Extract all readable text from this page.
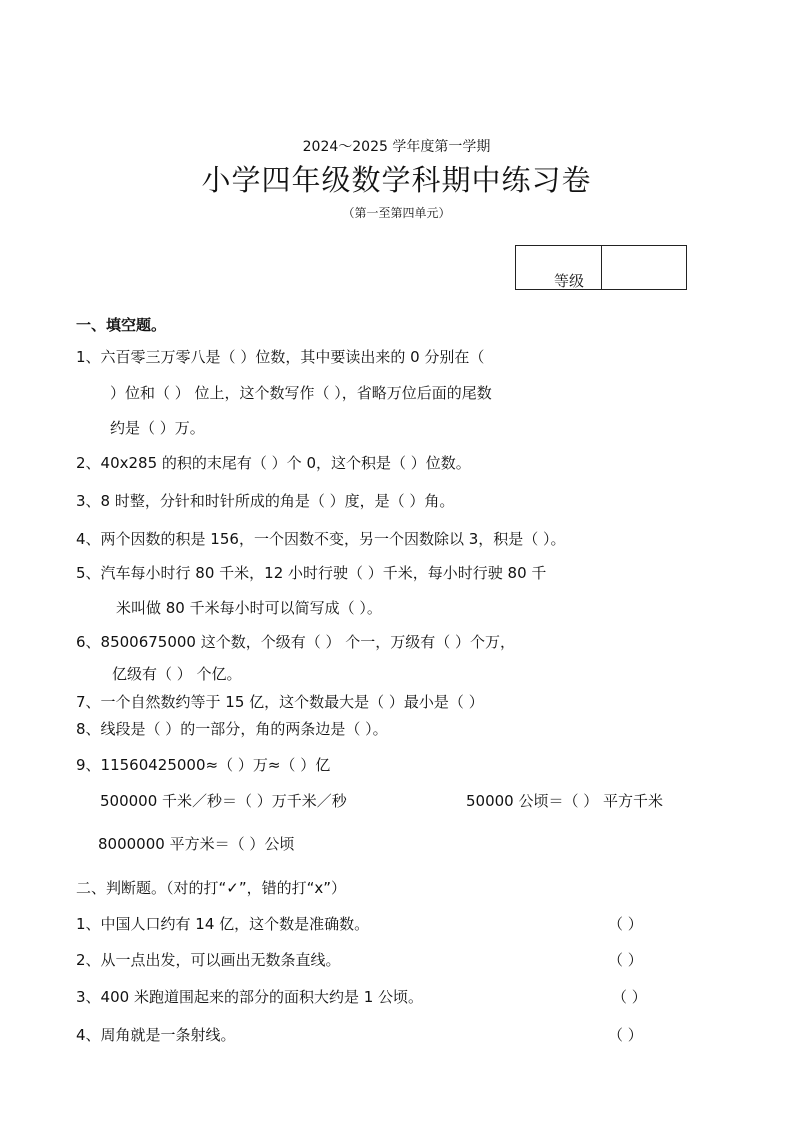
2024～2025 学年度第一学期
小学四年级数学科期中练习卷
（第一至第四单元）
等级
一、填空题。
1、六百零三万零八是（ ）位数，其中要读出来的 0 分别在（
）位和（ ） 位上，这个数写作（ ），省略万位后面的尾数
约是（ ）万。
2、40x285 的积的末尾有（ ）个 0，这个积是（ ）位数。
3、8 时整，分针和时针所成的角是（ ）度，是（ ）角。
4、两个因数的积是 156，一个因数不变，另一个因数除以 3，积是（ ）。
5、汽车每小时行 80 千米，12 小时行驶（ ）千米，每小时行驶 80 千
米叫做 80 千米每小时可以简写成（ ）。
6、8500675000 这个数，个级有（ ） 个一，万级有（ ）个万，
亿级有（ ） 个亿。
7、一个自然数约等于 15 亿，这个数最大是（ ）最小是（ ）
8、线段是（ ）的一部分，角的两条边是（ ）。
9、11560425000≈（ ）万≈（ ）亿
500000 千米／秒＝（ ）万千米／秒	50000 公顷＝（ ） 平方千米
8000000 平方米＝（ ）公顷
二、判断题。（对的打“✓”，错的打“x”）
1、中国人口约有 14 亿，这个数是准确数。	（ ）
2、从一点出发，可以画出无数条直线。	（ ）
3、400 米跑道围起来的部分的面积大约是 1 公顷。	（ ）
4、周角就是一条射线。	（ ）
